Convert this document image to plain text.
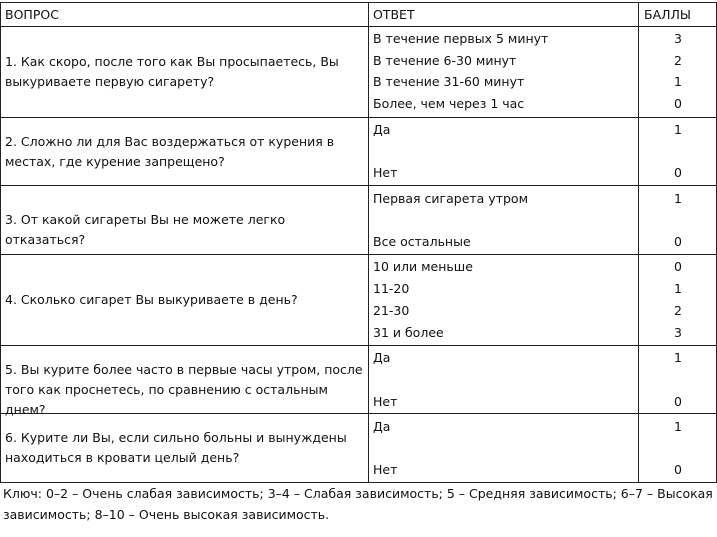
ВОПРОС	ОТВЕТ	БАЛЛЫ
1. Как скоро, после того как Вы просыпаетесь, Вы выкуриваете первую сигарету?
В течение первых 5 минут	3
В течение 6-30 минут	2
В течение 31-60 минут	1
Более, чем через 1 час	0
2. Сложно ли для Вас воздержаться от курения в местах, где курение запрещено?
Да	1
Нет	0
3. От какой сигареты Вы не можете легко отказаться?
Первая сигарета утром	1
Все остальные	0
4. Сколько сигарет Вы выкуриваете в день?
10 или меньше	0
11-20	1
21-30	2
31 и более	3
5. Вы курите более часто в первые часы утром, после того как проснетесь, по сравнению с остальным днем?
Да	1
Нет	0
6. Курите ли Вы, если сильно больны и вынуждены находиться в кровати целый день?
Да	1
Нет	0
Ключ: 0–2 – Очень слабая зависимость; 3–4 – Слабая зависимость; 5 – Средняя зависимость; 6–7 – Высокая зависимость; 8–10 – Очень высокая зависимость.
